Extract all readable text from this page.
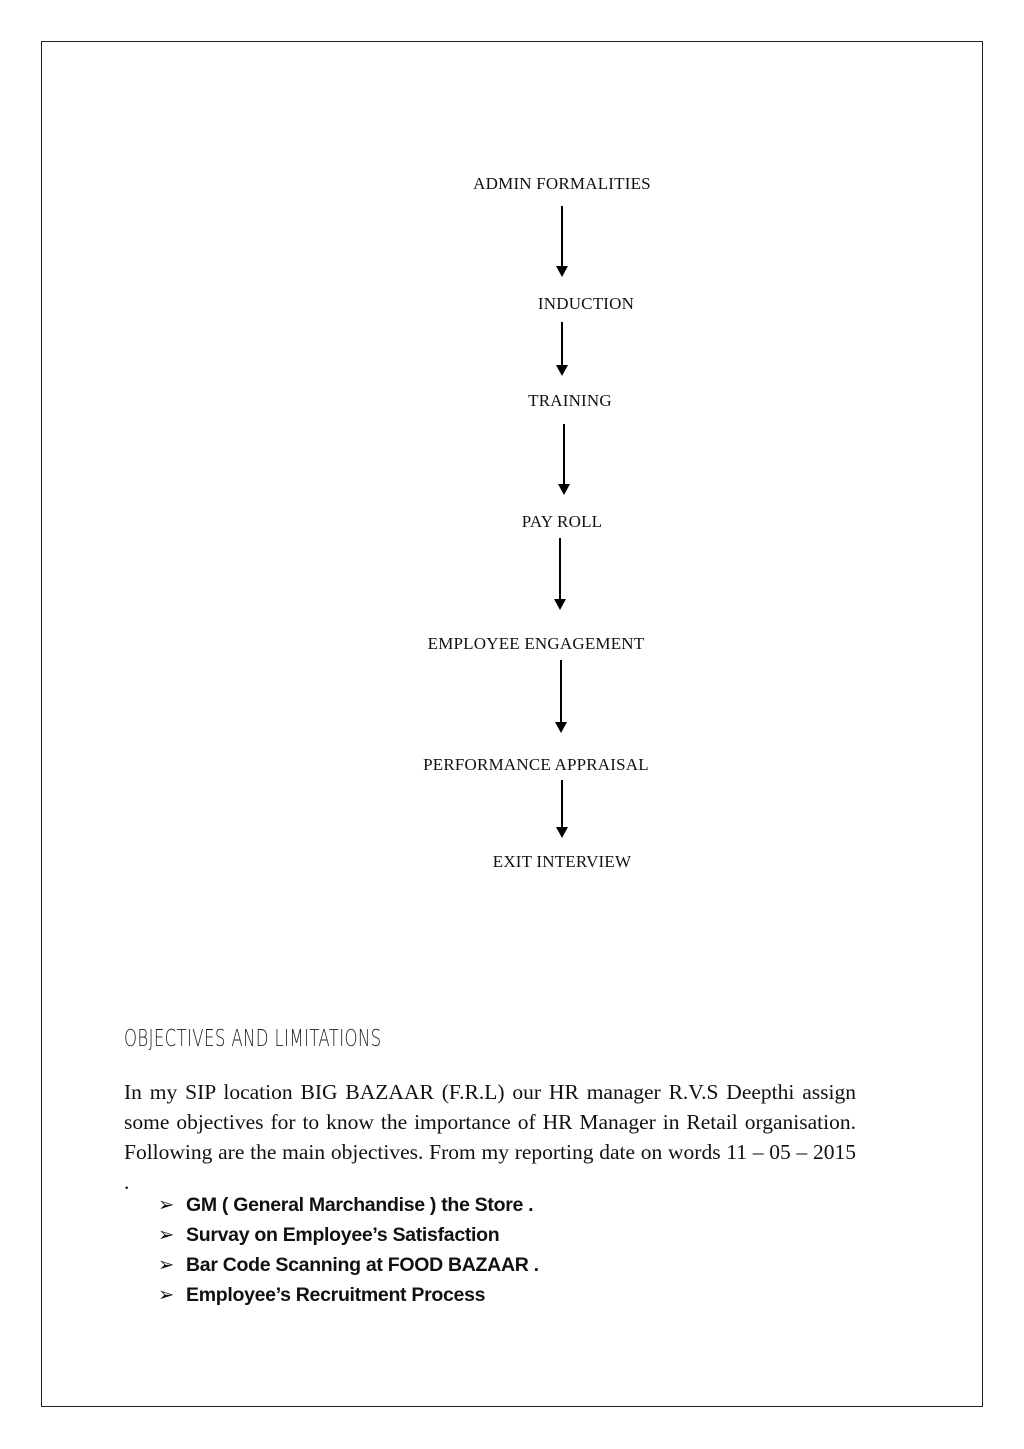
ADMIN FORMALITIES
INDUCTION
TRAINING
PAY ROLL
EMPLOYEE ENGAGEMENT
PERFORMANCE APPRAISAL
EXIT INTERVIEW
OBJECTIVES AND LIMITATIONS

In my SIP location BIG BAZAAR (F.R.L) our HR manager R.V.S Deepthi assign some objectives for to know the importance of HR Manager in Retail organisation. Following are the main objectives. From my reporting date on words 11 – 05 – 2015 .

➢ GM ( General Marchandise ) the Store .
➢ Survay on Employee’s Satisfaction
➢ Bar Code Scanning at FOOD BAZAAR .
➢ Employee’s Recruitment Process
